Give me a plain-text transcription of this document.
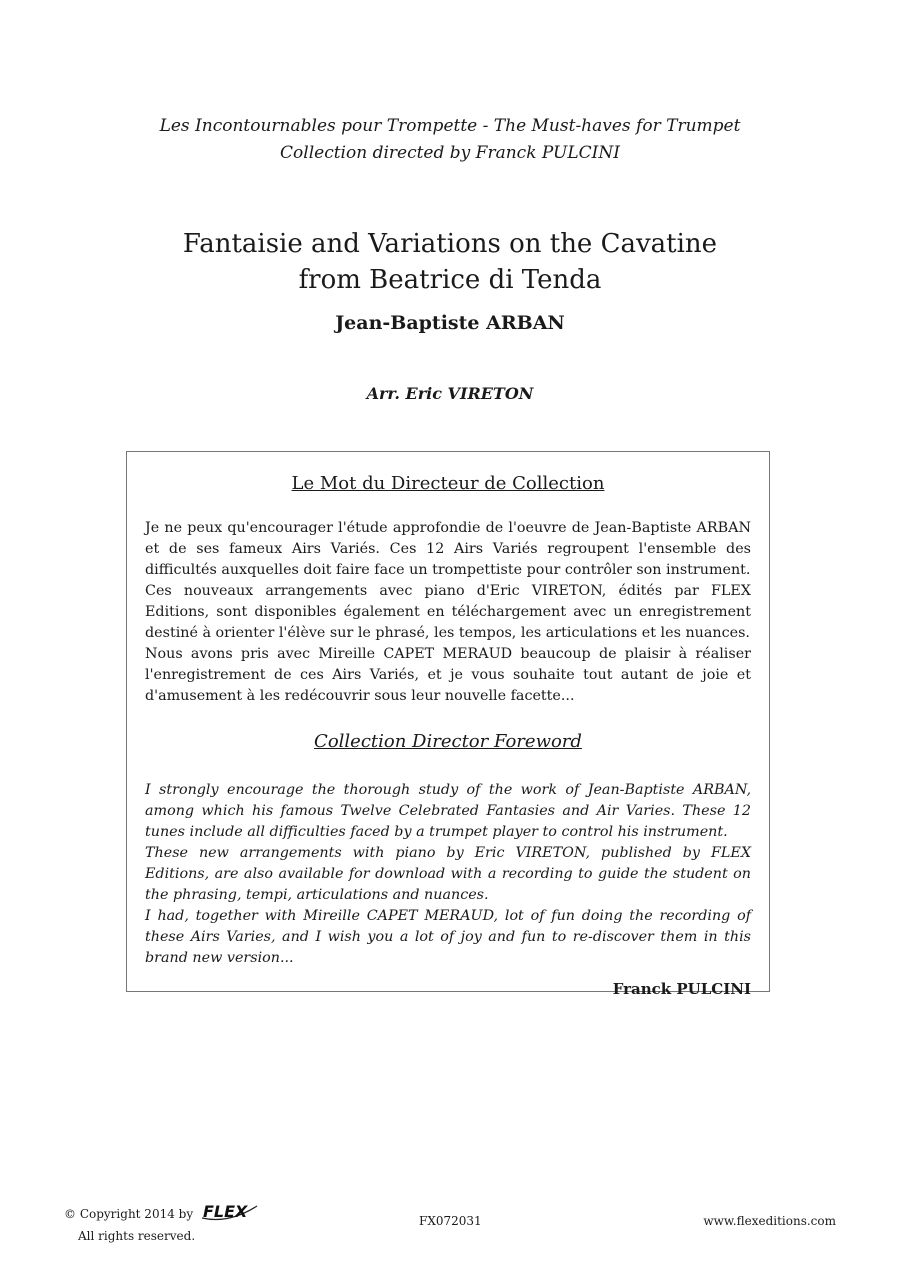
Les Incontournables pour Trompette - The Must-haves for Trumpet
Collection directed by Franck PULCINI
Fantaisie and Variations on the Cavatine
from Beatrice di Tenda
Jean-Baptiste ARBAN
Arr. Eric VIRETON
Le Mot du Directeur de Collection

Je ne peux qu'encourager l'étude approfondie de l'oeuvre de Jean-Baptiste ARBAN et de ses fameux Airs Variés. Ces 12 Airs Variés regroupent l'ensemble des difficultés auxquelles doit faire face un trompettiste pour contrôler son instrument.
Ces nouveaux arrangements avec piano d'Eric VIRETON, édités par FLEX Editions, sont disponibles également en téléchargement avec un enregistrement destiné à orienter l'élève sur le phrasé, les tempos, les articulations et les nuances.
Nous avons pris avec Mireille CAPET MERAUD beaucoup de plaisir à réaliser l'enregistrement de ces Airs Variés, et je vous souhaite tout autant de joie et d'amusement à les redécouvrir sous leur nouvelle facette...

Collection Director Foreword

I strongly encourage the thorough study of the work of Jean-Baptiste ARBAN, among which his famous Twelve Celebrated Fantasies and Air Varies. These 12 tunes include all difficulties faced by a trumpet player to control his instrument.
These new arrangements with piano by Eric VIRETON, published by FLEX Editions, are also available for download with a recording to guide the student on the phrasing, tempi, articulations and nuances.
I had, together with Mireille CAPET MERAUD, lot of fun doing the recording of these Airs Varies, and I wish you a lot of joy and fun to re-discover them in this brand new version...

Franck PULCINI
© Copyright 2014 by FLEX
All rights reserved.
FX072031	www.flexeditions.com
